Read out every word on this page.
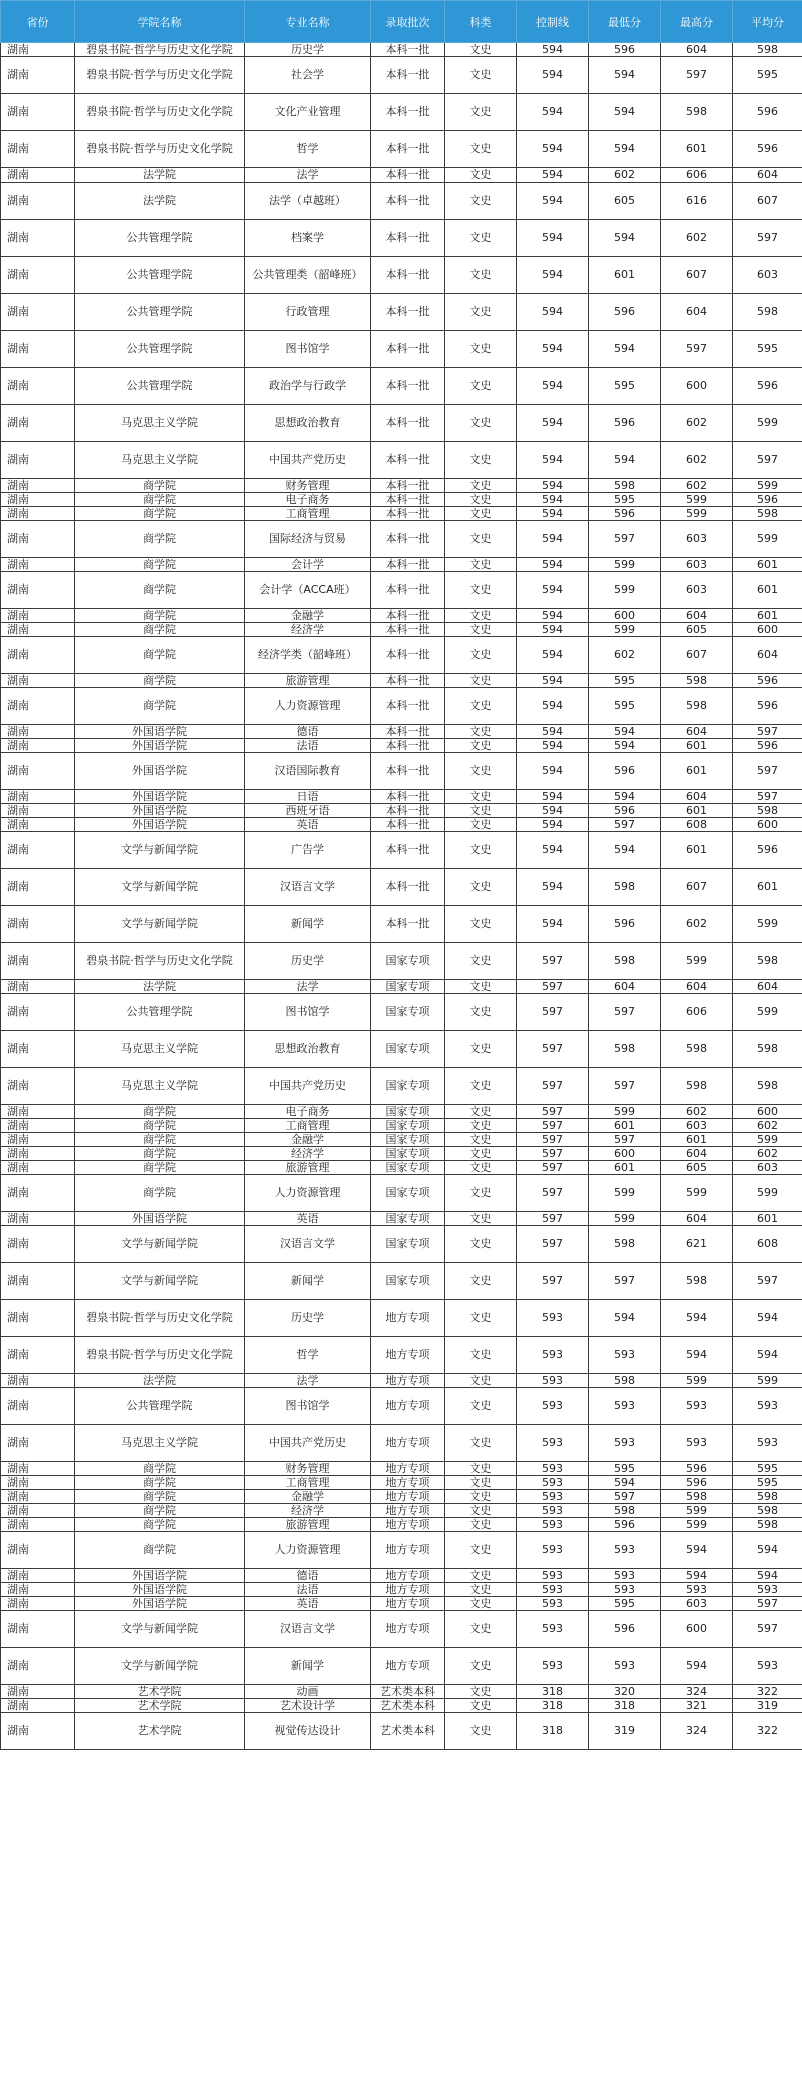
省份	学院名称	专业名称	录取批次	科类	控制线	最低分	最高分	平均分
湖南	碧泉书院·哲学与历史文化学院	历史学	本科一批	文史	594	596	604	598
湖南	碧泉书院·哲学与历史文化学院	社会学	本科一批	文史	594	594	597	595
湖南	碧泉书院·哲学与历史文化学院	文化产业管理	本科一批	文史	594	594	598	596
湖南	碧泉书院·哲学与历史文化学院	哲学	本科一批	文史	594	594	601	596
湖南	法学院	法学	本科一批	文史	594	602	606	604
湖南	法学院	法学（卓越班）	本科一批	文史	594	605	616	607
湖南	公共管理学院	档案学	本科一批	文史	594	594	602	597
湖南	公共管理学院	公共管理类（韶峰班）	本科一批	文史	594	601	607	603
湖南	公共管理学院	行政管理	本科一批	文史	594	596	604	598
湖南	公共管理学院	图书馆学	本科一批	文史	594	594	597	595
湖南	公共管理学院	政治学与行政学	本科一批	文史	594	595	600	596
湖南	马克思主义学院	思想政治教育	本科一批	文史	594	596	602	599
湖南	马克思主义学院	中国共产党历史	本科一批	文史	594	594	602	597
湖南	商学院	财务管理	本科一批	文史	594	598	602	599
湖南	商学院	电子商务	本科一批	文史	594	595	599	596
湖南	商学院	工商管理	本科一批	文史	594	596	599	598
湖南	商学院	国际经济与贸易	本科一批	文史	594	597	603	599
湖南	商学院	会计学	本科一批	文史	594	599	603	601
湖南	商学院	会计学（ACCA班）	本科一批	文史	594	599	603	601
湖南	商学院	金融学	本科一批	文史	594	600	604	601
湖南	商学院	经济学	本科一批	文史	594	599	605	600
湖南	商学院	经济学类（韶峰班）	本科一批	文史	594	602	607	604
湖南	商学院	旅游管理	本科一批	文史	594	595	598	596
湖南	商学院	人力资源管理	本科一批	文史	594	595	598	596
湖南	外国语学院	德语	本科一批	文史	594	594	604	597
湖南	外国语学院	法语	本科一批	文史	594	594	601	596
湖南	外国语学院	汉语国际教育	本科一批	文史	594	596	601	597
湖南	外国语学院	日语	本科一批	文史	594	594	604	597
湖南	外国语学院	西班牙语	本科一批	文史	594	596	601	598
湖南	外国语学院	英语	本科一批	文史	594	597	608	600
湖南	文学与新闻学院	广告学	本科一批	文史	594	594	601	596
湖南	文学与新闻学院	汉语言文学	本科一批	文史	594	598	607	601
湖南	文学与新闻学院	新闻学	本科一批	文史	594	596	602	599
湖南	碧泉书院·哲学与历史文化学院	历史学	国家专项	文史	597	598	599	598
湖南	法学院	法学	国家专项	文史	597	604	604	604
湖南	公共管理学院	图书馆学	国家专项	文史	597	597	606	599
湖南	马克思主义学院	思想政治教育	国家专项	文史	597	598	598	598
湖南	马克思主义学院	中国共产党历史	国家专项	文史	597	597	598	598
湖南	商学院	电子商务	国家专项	文史	597	599	602	600
湖南	商学院	工商管理	国家专项	文史	597	601	603	602
湖南	商学院	金融学	国家专项	文史	597	597	601	599
湖南	商学院	经济学	国家专项	文史	597	600	604	602
湖南	商学院	旅游管理	国家专项	文史	597	601	605	603
湖南	商学院	人力资源管理	国家专项	文史	597	599	599	599
湖南	外国语学院	英语	国家专项	文史	597	599	604	601
湖南	文学与新闻学院	汉语言文学	国家专项	文史	597	598	621	608
湖南	文学与新闻学院	新闻学	国家专项	文史	597	597	598	597
湖南	碧泉书院·哲学与历史文化学院	历史学	地方专项	文史	593	594	594	594
湖南	碧泉书院·哲学与历史文化学院	哲学	地方专项	文史	593	593	594	594
湖南	法学院	法学	地方专项	文史	593	598	599	599
湖南	公共管理学院	图书馆学	地方专项	文史	593	593	593	593
湖南	马克思主义学院	中国共产党历史	地方专项	文史	593	593	593	593
湖南	商学院	财务管理	地方专项	文史	593	595	596	595
湖南	商学院	工商管理	地方专项	文史	593	594	596	595
湖南	商学院	金融学	地方专项	文史	593	597	598	598
湖南	商学院	经济学	地方专项	文史	593	598	599	598
湖南	商学院	旅游管理	地方专项	文史	593	596	599	598
湖南	商学院	人力资源管理	地方专项	文史	593	593	594	594
湖南	外国语学院	德语	地方专项	文史	593	593	594	594
湖南	外国语学院	法语	地方专项	文史	593	593	593	593
湖南	外国语学院	英语	地方专项	文史	593	595	603	597
湖南	文学与新闻学院	汉语言文学	地方专项	文史	593	596	600	597
湖南	文学与新闻学院	新闻学	地方专项	文史	593	593	594	593
湖南	艺术学院	动画	艺术类本科	文史	318	320	324	322
湖南	艺术学院	艺术设计学	艺术类本科	文史	318	318	321	319
湖南	艺术学院	视觉传达设计	艺术类本科	文史	318	319	324	322
